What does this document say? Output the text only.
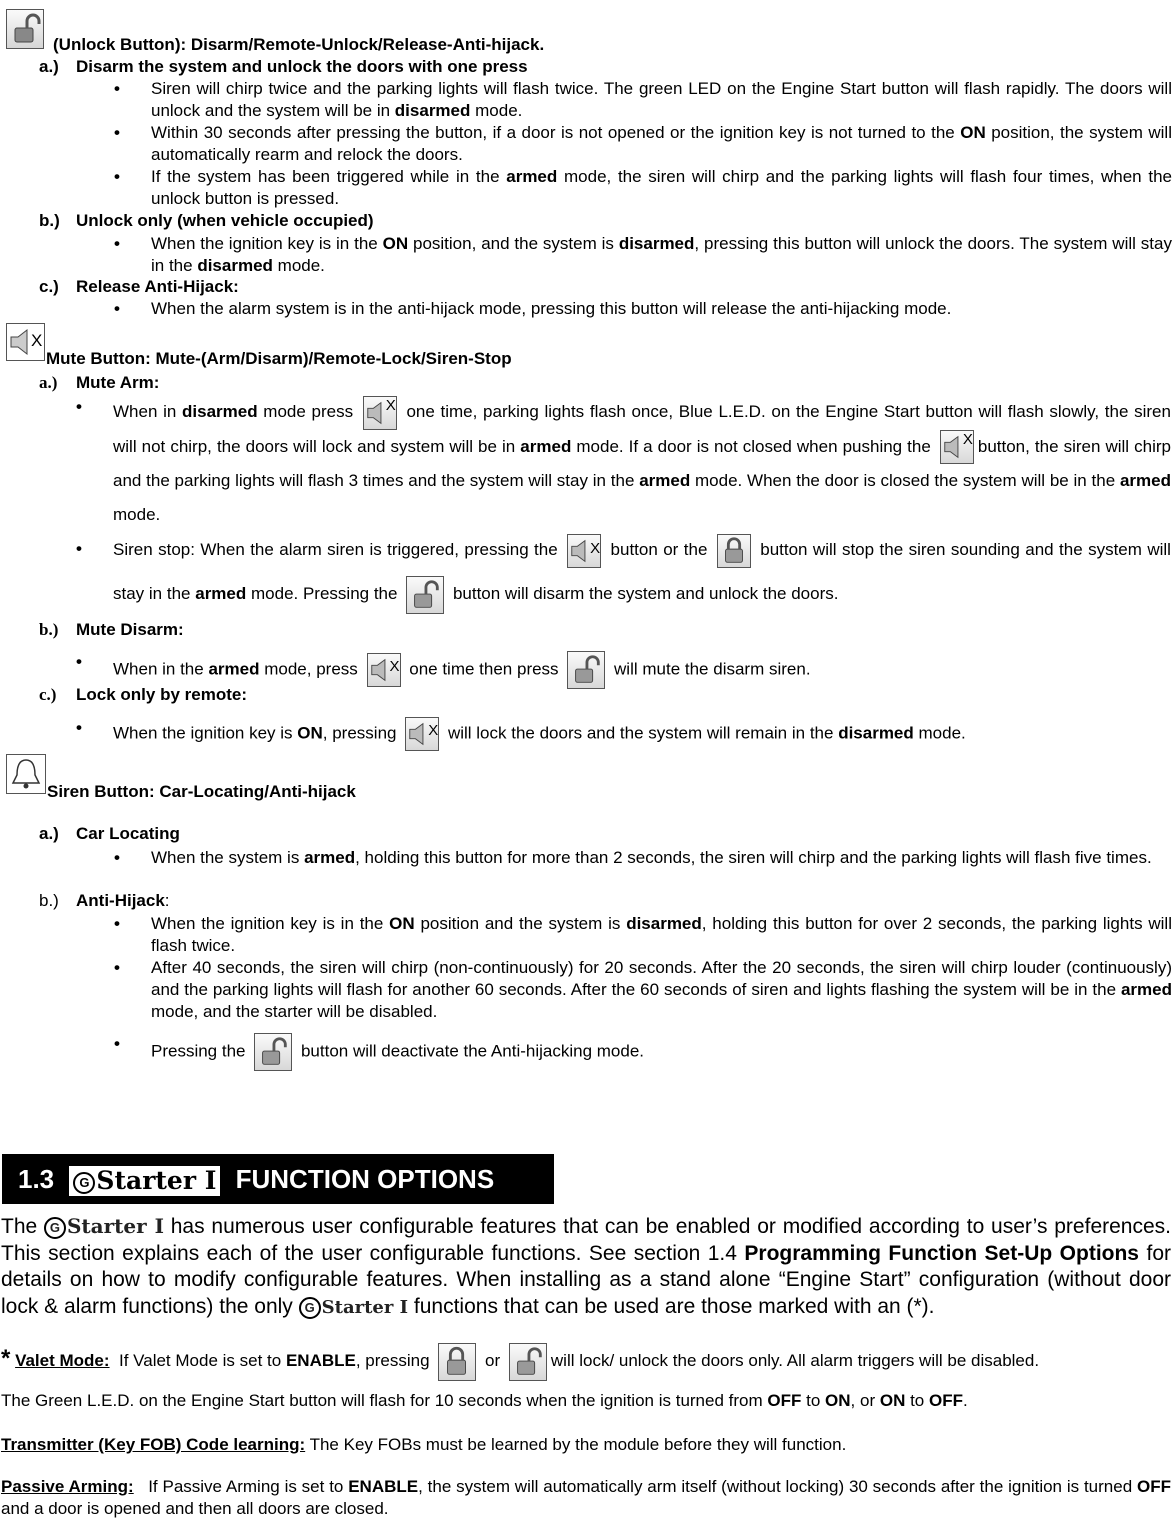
(Unlock Button): Disarm/Remote-Unlock/Release-Anti-hijack.
a.) Disarm the system and unlock the doors with one press
•	Siren will chirp twice and the parking lights will flash twice. The green LED on the Engine Start button will flash rapidly. The doors will unlock and the system will be in disarmed mode.
•	Within 30 seconds after pressing the button, if a door is not opened or the ignition key is not turned to the ON position, the system will automatically rearm and relock the doors.
•	If the system has been triggered while in the armed mode, the siren will chirp and the parking lights will flash four times, when the unlock button is pressed.
b.) Unlock only (when vehicle occupied)
•	When the ignition key is in the ON position, and the system is disarmed, pressing this button will unlock the doors. The system will stay in the disarmed mode.
c.) Release Anti-Hijack:
•	When the alarm system is in the anti-hijack mode, pressing this button will release the anti-hijacking mode.
X
Mute Button: Mute-(Arm/Disarm)/Remote-Lock/Siren-Stop
a.) Mute Arm:
•	When in disarmed mode press X one time, parking lights flash once, Blue L.E.D. on the Engine Start button will flash slowly, the siren will not chirp, the doors will lock and system will be in armed mode. If a door is not closed when pushing the X button, the siren will chirp and the parking lights will flash 3 times and the system will stay in the armed mode. When the door is closed the system will be in the armed mode.
•	Siren stop: When the alarm siren is triggered, pressing the X button or the	button will stop the siren sounding and the system will stay in the armed mode. Pressing the	button will disarm the system and unlock the doors.
b.) Mute Disarm:
•	When in the armed mode, press X one time then press	will mute the disarm siren.
c.) Lock only by remote:
•	When the ignition key is ON, pressing X will lock the doors and the system will remain in the disarmed mode.
Siren Button: Car-Locating/Anti-hijack
a.) Car Locating
•	When the system is armed, holding this button for more than 2 seconds, the siren will chirp and the parking lights will flash five times.
b.) Anti-Hijack:
•	When the ignition key is in the ON position and the system is disarmed, holding this button for over 2 seconds, the parking lights will flash twice.
•	After 40 seconds, the siren will chirp (non-continuously) for 20 seconds. After the 20 seconds, the siren will chirp louder (continuously) and the parking lights will flash for another 60 seconds. After the 60 seconds of siren and lights flashing the system will be in the armed mode, and the starter will be disabled.
•	Pressing the	button will deactivate the Anti-hijacking mode.
1.3 G Starter I FUNCTION OPTIONS
The G Starter I has numerous user configurable features that can be enabled or modified according to user’s preferences. This section explains each of the user configurable functions. See section 1.4 Programming Function Set-Up Options for details on how to modify configurable features. When installing as a stand alone “Engine Start” configuration (without door lock & alarm functions) the only G Starter I functions that can be used are those marked with an (*).
* Valet Mode: If Valet Mode is set to ENABLE, pressing	or	will lock/ unlock the doors only. All alarm triggers will be disabled.
The Green L.E.D. on the Engine Start button will flash for 10 seconds when the ignition is turned from OFF to ON, or ON to OFF.
Transmitter (Key FOB) Code learning: The Key FOBs must be learned by the module before they will function.
Passive Arming: If Passive Arming is set to ENABLE, the system will automatically arm itself (without locking) 30 seconds after the ignition is turned OFF and a door is opened and then all doors are closed.
